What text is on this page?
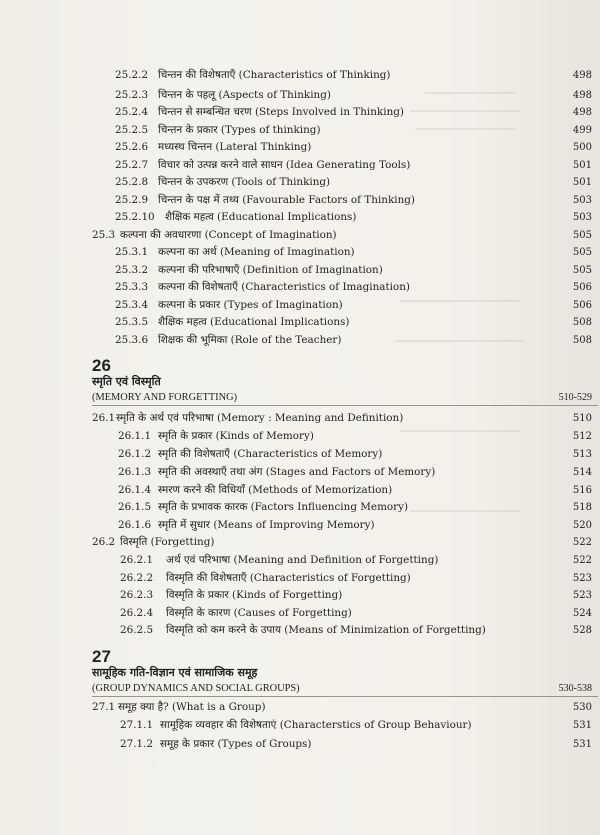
25.2.2 चिन्तन की विशेषताएँ (Characteristics of Thinking)	498
25.2.3 चिन्तन के पहलू (Aspects of Thinking)	498
25.2.4 चिन्तन से सम्बन्धित चरण (Steps Involved in Thinking)	498
25.2.5 चिन्तन के प्रकार (Types of thinking)	499
25.2.6 मध्यस्थ चिन्तन (Lateral Thinking)	500
25.2.7 विचार को उत्पन्न करने वाले साधन (Idea Generating Tools)	501
25.2.8 चिन्तन के उपकरण (Tools of Thinking)	501
25.2.9 चिन्तन के पक्ष में तथ्य (Favourable Factors of Thinking)	503
25.2.10 शैक्षिक महत्व (Educational Implications)	503
25.3 कल्पना की अवधारणा (Concept of Imagination)	505
25.3.1 कल्पना का अर्थ (Meaning of Imagination)	505
25.3.2 कल्पना की परिभाषाएँ (Definition of Imagination)	505
25.3.3 कल्पना की विशेषताएँ (Characteristics of Imagination)	506
25.3.4 कल्पना के प्रकार (Types of Imagination)	506
25.3.5 शैक्षिक महत्व (Educational Implications)	508
25.3.6 शिक्षक की भूमिका (Role of the Teacher)	508
26
स्मृति एवं विस्मृति
(MEMORY AND FORGETTING)	510-529
26.1 स्मृति के अर्थ एवं परिभाषा (Memory : Meaning and Definition)	510
26.1.1 स्मृति के प्रकार (Kinds of Memory)	512
26.1.2 स्मृति की विशेषताएँ (Characteristics of Memory)	513
26.1.3 स्मृति की अवस्थाएँ तथा अंग (Stages and Factors of Memory)	514
26.1.4 स्मरण करने की विधियाँ (Methods of Memorization)	516
26.1.5 स्मृति के प्रभावक कारक (Factors Influencing Memory)	518
26.1.6 स्मृति में सुधार (Means of Improving Memory)	520
26.2 विस्मृति (Forgetting)	522
26.2.1 अर्थ एवं परिभाषा (Meaning and Definition of Forgetting)	522
26.2.2 विस्मृति की विशेषताएँ (Characteristics of Forgetting)	523
26.2.3 विस्मृति के प्रकार (Kinds of Forgetting)	523
26.2.4 विस्मृति के कारण (Causes of Forgetting)	524
26.2.5 विस्मृति को कम करने के उपाय (Means of Minimization of Forgetting)	528
27
सामूहिक गति-विज्ञान एवं सामाजिक समूह
(GROUP DYNAMICS AND SOCIAL GROUPS)	530-538
27.1 समूह क्या है? (What is a Group)	530
27.1.1 सामूहिक व्यवहार की विशेषताएं (Characterstics of Group Behaviour)	531
27.1.2 समूह के प्रकार (Types of Groups)	531
